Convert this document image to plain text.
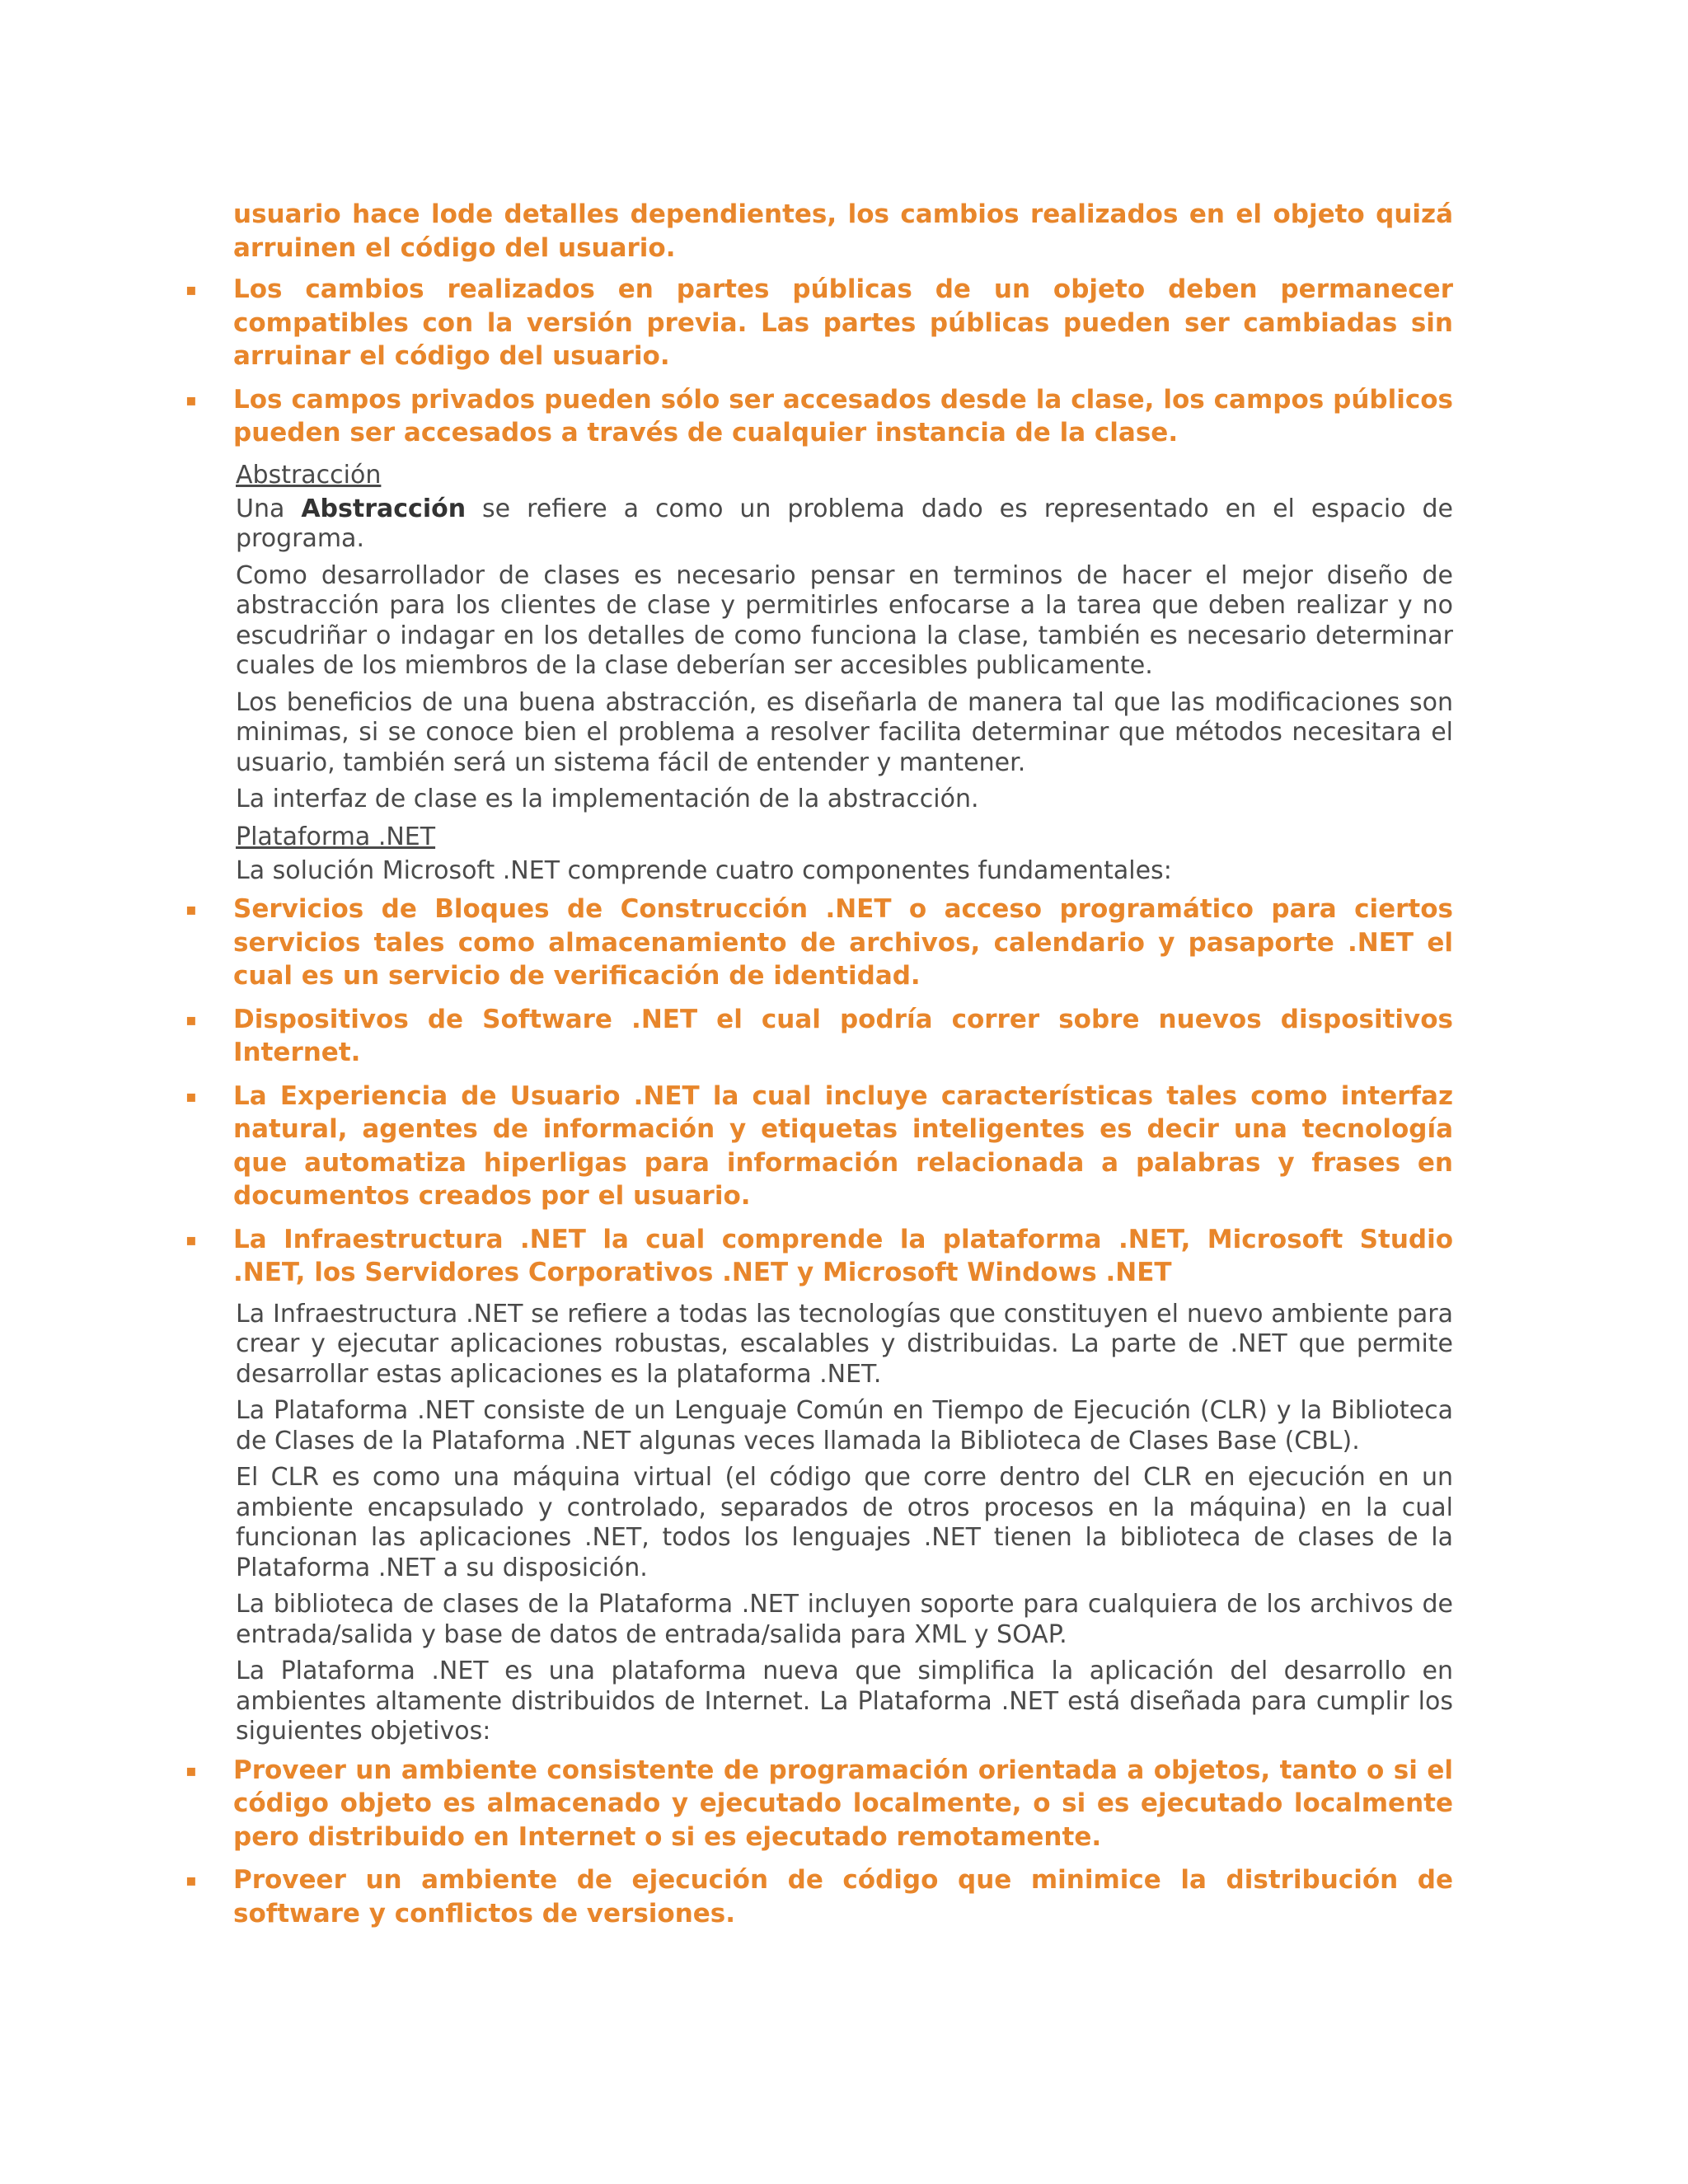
usuario hace lode detalles dependientes, los cambios realizados en el objeto quizá arruinen el código del usuario.
▪ Los cambios realizados en partes públicas de un objeto deben permanecer compatibles con la versión previa. Las partes públicas pueden ser cambiadas sin arruinar el código del usuario.
▪ Los campos privados pueden sólo ser accesados desde la clase, los campos públicos pueden ser accesados a través de cualquier instancia de la clase.
Abstracción
Una Abstracción se refiere a como un problema dado es representado en el espacio de programa.
Como desarrollador de clases es necesario pensar en terminos de hacer el mejor diseño de abstracción para los clientes de clase y permitirles enfocarse a la tarea que deben realizar y no escudriñar o indagar en los detalles de como funciona la clase, también es necesario determinar cuales de los miembros de la clase deberían ser accesibles publicamente.
Los beneficios de una buena abstracción, es diseñarla de manera tal que las modificaciones son minimas, si se conoce bien el problema a resolver facilita determinar que métodos necesitara el usuario, también será un sistema fácil de entender y mantener.
La interfaz de clase es la implementación de la abstracción.
Plataforma .NET
La solución Microsoft .NET comprende cuatro componentes fundamentales:
▪ Servicios de Bloques de Construcción .NET o acceso programático para ciertos servicios tales como almacenamiento de archivos, calendario y pasaporte .NET el cual es un servicio de verificación de identidad.
▪ Dispositivos de Software .NET el cual podría correr sobre nuevos dispositivos Internet.
▪ La Experiencia de Usuario .NET la cual incluye características tales como interfaz natural, agentes de información y etiquetas inteligentes es decir una tecnología que automatiza hiperligas para información relacionada a palabras y frases en documentos creados por el usuario.
▪ La Infraestructura .NET la cual comprende la plataforma .NET, Microsoft Studio .NET, los Servidores Corporativos .NET y Microsoft Windows .NET
La Infraestructura .NET se refiere a todas las tecnologías que constituyen el nuevo ambiente para crear y ejecutar aplicaciones robustas, escalables y distribuidas. La parte de .NET que permite desarrollar estas aplicaciones es la plataforma .NET.
La Plataforma .NET consiste de un Lenguaje Común en Tiempo de Ejecución (CLR) y la Biblioteca de Clases de la Plataforma .NET algunas veces llamada la Biblioteca de Clases Base (CBL).
El CLR es como una máquina virtual (el código que corre dentro del CLR en ejecución en un ambiente encapsulado y controlado, separados de otros procesos en la máquina) en la cual funcionan las aplicaciones .NET, todos los lenguajes .NET tienen la biblioteca de clases de la Plataforma .NET a su disposición.
La biblioteca de clases de la Plataforma .NET incluyen soporte para cualquiera de los archivos de entrada/salida y base de datos de entrada/salida para XML y SOAP.
La Plataforma .NET es una plataforma nueva que simplifica la aplicación del desarrollo en ambientes altamente distribuidos de Internet. La Plataforma .NET está diseñada para cumplir los siguientes objetivos:
▪ Proveer un ambiente consistente de programación orientada a objetos, tanto o si el código objeto es almacenado y ejecutado localmente, o si es ejecutado localmente pero distribuido en Internet o si es ejecutado remotamente.
▪ Proveer un ambiente de ejecución de código que minimice la distribución de software y conflictos de versiones.
